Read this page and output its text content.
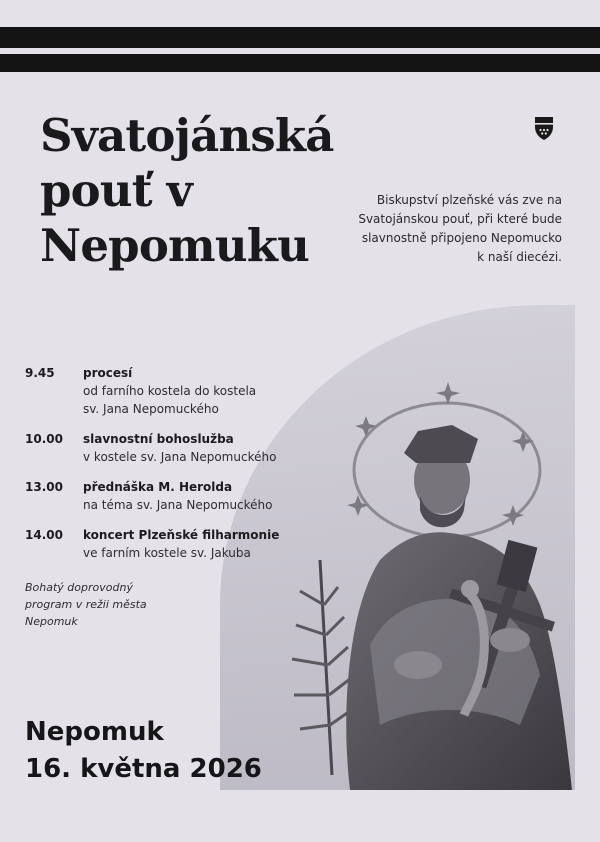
Svatojánská
pouť v
Nepomuku

Biskupství plzeňské vás zve na
Svatojánskou pouť, při které bude
slavnostně připojeno Nepomucko
k naší diecézi.

9.45	procesí
od farního kostela do kostela
sv. Jana Nepomuckého
10.00	slavnostní bohoslužba
v kostele sv. Jana Nepomuckého
13.00	přednáška M. Herolda
na téma sv. Jana Nepomuckého
14.00	koncert Plzeňské filharmonie
ve farním kostele sv. Jakuba

Bohatý doprovodný
program v režii města
Nepomuk

Nepomuk
16. května 2026
